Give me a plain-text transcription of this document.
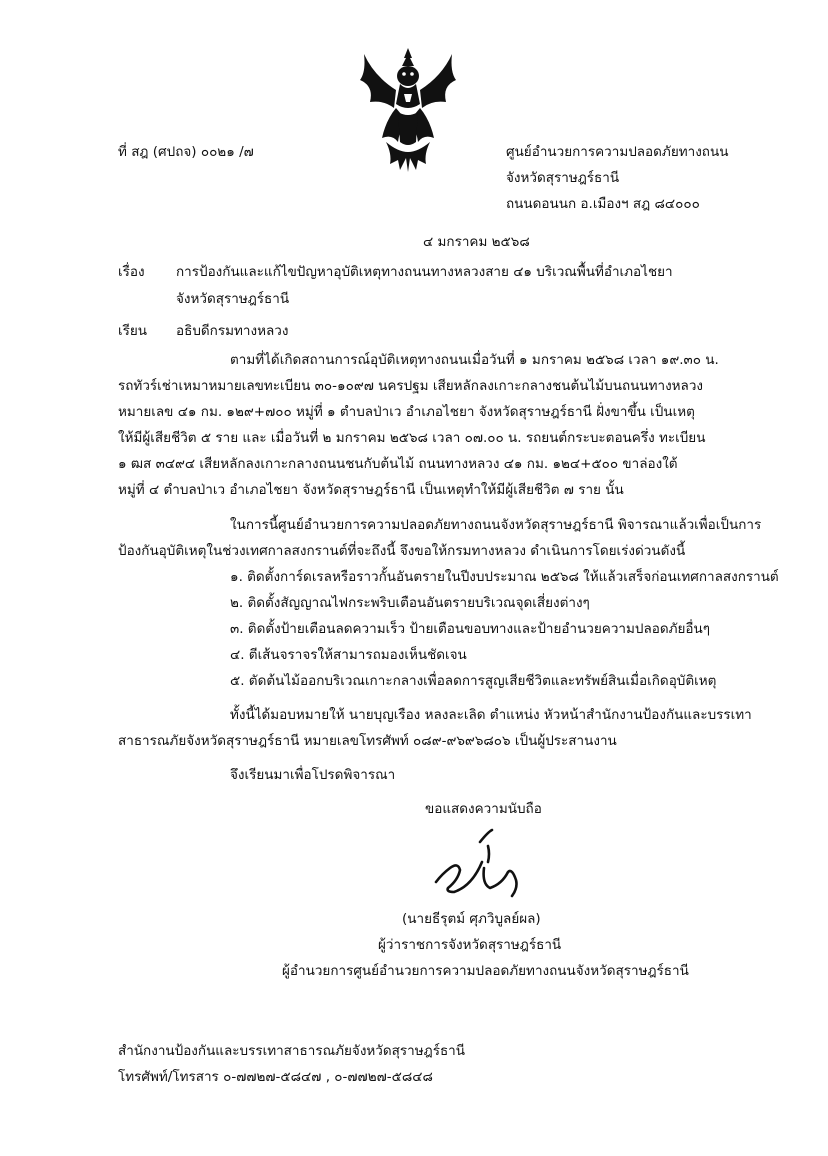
ที่ สฎ (ศปถจ) ๐๐๒๑ /๗	ศูนย์อำนวยการความปลอดภัยทางถนน
จังหวัดสุราษฎร์ธานี
ถนนดอนนก อ.เมืองฯ สฎ ๘๔๐๐๐
๔ มกราคม ๒๕๖๘
เรื่อง การป้องกันและแก้ไขปัญหาอุบัติเหตุทางถนนทางหลวงสาย ๔๑ บริเวณพื้นที่อำเภอไชยา
จังหวัดสุราษฎร์ธานี
เรียน อธิบดีกรมทางหลวง
ตามที่ได้เกิดสถานการณ์อุบัติเหตุทางถนนเมื่อวันที่ ๑ มกราคม ๒๕๖๘ เวลา ๑๙.๓๐ น.
รถทัวร์เช่าเหมาหมายเลขทะเบียน ๓๐-๑๐๙๗ นครปฐม เสียหลักลงเกาะกลางชนต้นไม้บนถนนทางหลวง
หมายเลข ๔๑ กม. ๑๒๙+๗๐๐ หมู่ที่ ๑ ตำบลป่าเว อำเภอไชยา จังหวัดสุราษฎร์ธานี ฝั่งขาขึ้น เป็นเหตุ
ให้มีผู้เสียชีวิต ๕ ราย และ เมื่อวันที่ ๒ มกราคม ๒๕๖๘ เวลา ๐๗.๐๐ น. รถยนต์กระบะตอนครึ่ง ทะเบียน
๑ ฒส ๓๔๙๔ เสียหลักลงเกาะกลางถนนชนกับต้นไม้ ถนนทางหลวง ๔๑ กม. ๑๒๔+๕๐๐ ขาล่องใต้
หมู่ที่ ๔ ตำบลป่าเว อำเภอไชยา จังหวัดสุราษฎร์ธานี เป็นเหตุทำให้มีผู้เสียชีวิต ๗ ราย นั้น
ในการนี้ศูนย์อำนวยการความปลอดภัยทางถนนจังหวัดสุราษฎร์ธานี พิจารณาแล้วเพื่อเป็นการ
ป้องกันอุบัติเหตุในช่วงเทศกาลสงกรานต์ที่จะถึงนี้ จึงขอให้กรมทางหลวง ดำเนินการโดยเร่งด่วนดังนี้
๑. ติดตั้งการ์ดเรลหรือราวกั้นอันตรายในปีงบประมาณ ๒๕๖๘ ให้แล้วเสร็จก่อนเทศกาลสงกรานต์
๒. ติดตั้งสัญญาณไฟกระพริบเตือนอันตรายบริเวณจุดเสี่ยงต่างๆ
๓. ติดตั้งป้ายเตือนลดความเร็ว ป้ายเตือนขอบทางและป้ายอำนวยความปลอดภัยอื่นๆ
๔. ตีเส้นจราจรให้สามารถมองเห็นชัดเจน
๕. ตัดต้นไม้ออกบริเวณเกาะกลางเพื่อลดการสูญเสียชีวิตและทรัพย์สินเมื่อเกิดอุบัติเหตุ
ทั้งนี้ได้มอบหมายให้ นายบุญเรือง หลงละเลิด ตำแหน่ง หัวหน้าสำนักงานป้องกันและบรรเทา
สาธารณภัยจังหวัดสุราษฎร์ธานี หมายเลขโทรศัพท์ ๐๘๙-๙๖๙๖๘๐๖ เป็นผู้ประสานงาน
จึงเรียนมาเพื่อโปรดพิจารณา
ขอแสดงความนับถือ
(นายธีรุตม์ ศุภวิบูลย์ผล)
ผู้ว่าราชการจังหวัดสุราษฎร์ธานี
ผู้อำนวยการศูนย์อำนวยการความปลอดภัยทางถนนจังหวัดสุราษฎร์ธานี
สำนักงานป้องกันและบรรเทาสาธารณภัยจังหวัดสุราษฎร์ธานี
โทรศัพท์/โทรสาร ๐-๗๗๒๗-๕๘๔๗ , ๐-๗๗๒๗-๕๘๔๘
